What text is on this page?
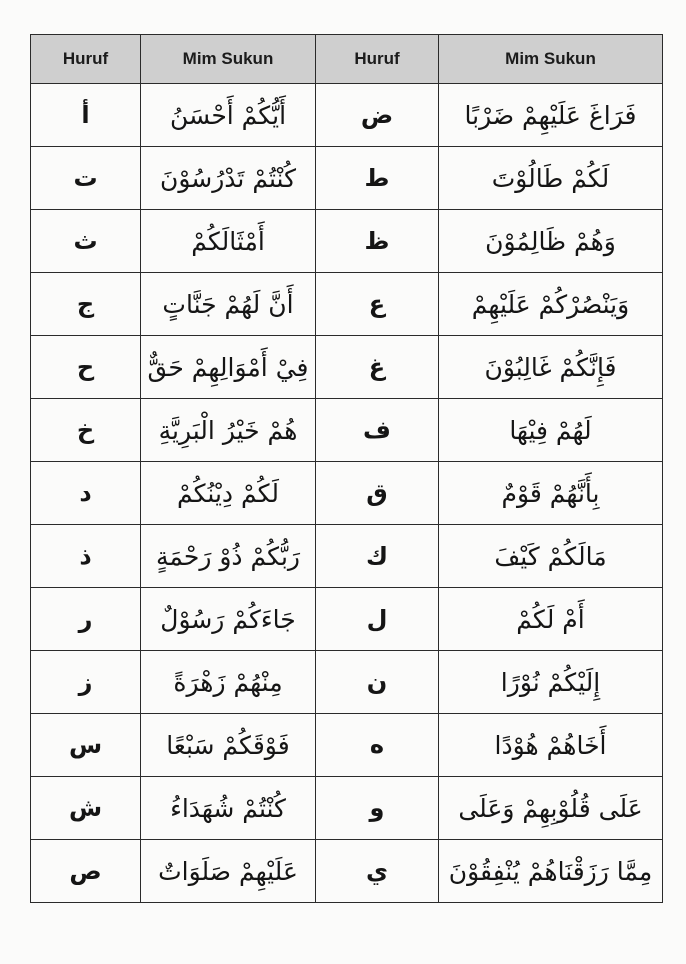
Huruf	Mim Sukun	Huruf	Mim Sukun
أ	أَيُّكُمْ أَحْسَنُ	ض	فَرَاغَ عَلَيْهِمْ ضَرْبًا
ت	كُنْتُمْ تَدْرُسُوْنَ	ط	لَكُمْ طَالُوْتَ
ث	أَمْثَالَكُمْ	ظ	وَهُمْ ظَالِمُوْنَ
ج	أَنَّ لَهُمْ جَنَّاتٍ	ع	وَيَنْصُرْكُمْ عَلَيْهِمْ
ح	فِيْ أَمْوَالِهِمْ حَقٌّ	غ	فَإِنَّكُمْ غَالِبُوْنَ
خ	هُمْ خَيْرُ الْبَرِيَّةِ	ف	لَهُمْ فِيْهَا
د	لَكُمْ دِيْنُكُمْ	ق	بِأَنَّهُمْ قَوْمٌ
ذ	رَبُّكُمْ ذُوْ رَحْمَةٍ	ك	مَالَكُمْ كَيْفَ
ر	جَاءَكُمْ رَسُوْلٌ	ل	أَمْ لَكُمْ
ز	مِنْهُمْ زَهْرَةً	ن	إِلَيْكُمْ نُوْرًا
س	فَوْقَكُمْ سَبْعًا	ه	أَخَاهُمْ هُوْدًا
ش	كُنْتُمْ شُهَدَاءُ	و	عَلَى قُلُوْبِهِمْ وَعَلَى
ص	عَلَيْهِمْ صَلَوَاتٌ	ي	مِمَّا رَزَقْنَاهُمْ يُنْفِقُوْنَ
